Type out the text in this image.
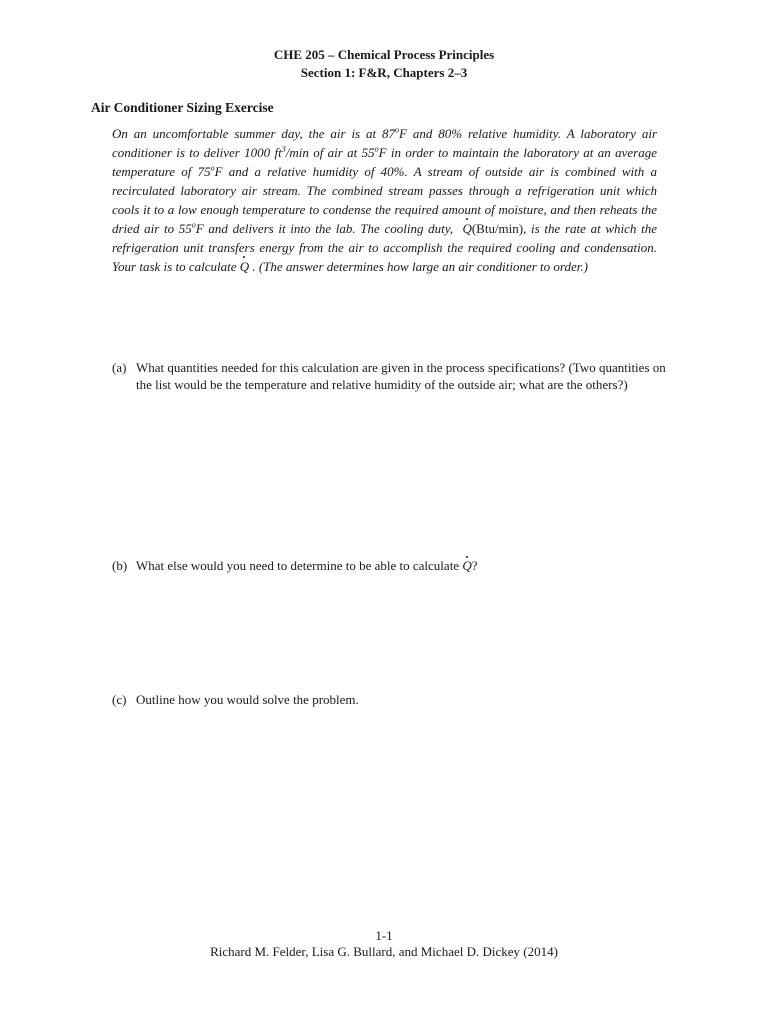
CHE 205 – Chemical Process Principles
Section 1: F&R, Chapters 2–3
Air Conditioner Sizing Exercise
On an uncomfortable summer day, the air is at 87$^o$F and 80% relative humidity. A laboratory air conditioner is to deliver 1000 $ft^3/\min$ of air at 55$^o$F in order to maintain the laboratory at an average temperature of 75$^o$F and a relative humidity of 40%. A stream of outside air is combined with a recirculated laboratory air stream. The combined stream passes through a refrigeration unit which cools it to a low enough temperature to condense the required amount of moisture, and then reheats the dried air to 55$^o$F and delivers it into the lab. The cooling duty, Q(Btu/min), is the rate at which the refrigeration unit transfers energy from the air to accomplish the required cooling and condensation. Your task is to calculate Q . (The answer determines how large an air conditioner to order.)
(a) What quantities needed for this calculation are given in the process specifications? (Two quantities on the list would be the temperature and relative humidity of the outside air; what are the others?)
(b) What else would you need to determine to be able to calculate Q?
(c) Outline how you would solve the problem.
1-1
Richard M. Felder, Lisa G. Bullard, and Michael D. Dickey (2014)
